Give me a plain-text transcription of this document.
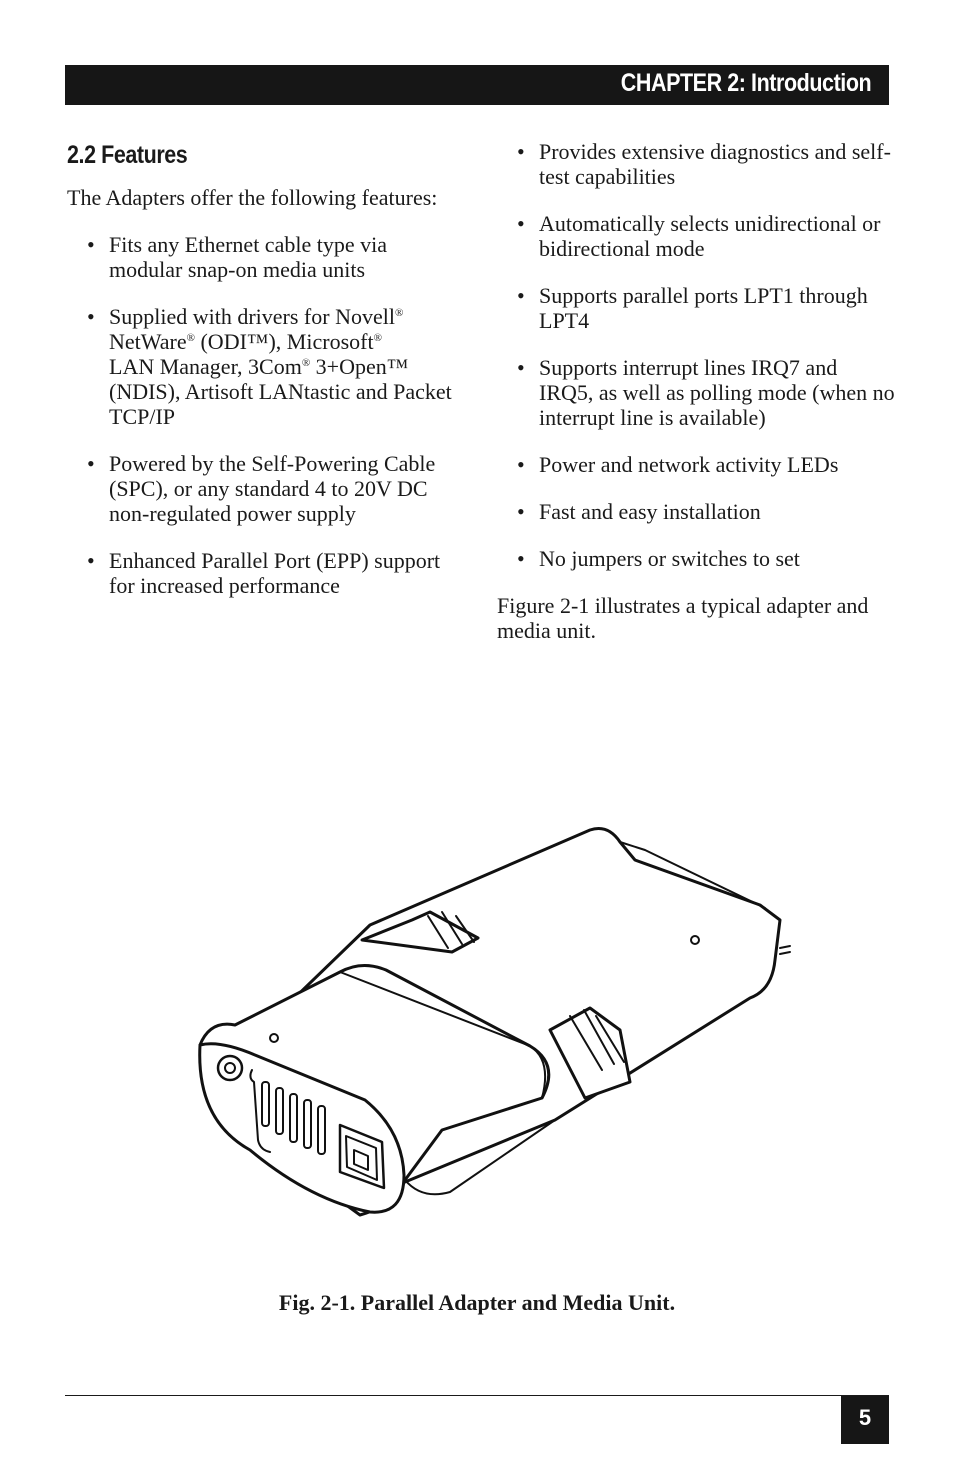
CHAPTER 2: Introduction
2.2 Features

The Adapters offer the following features:

• Fits any Ethernet cable type via modular snap-on media units
• Supplied with drivers for Novell®
NetWare® (ODI™), Microsoft®
LAN Manager, 3Com® 3+Open™ (NDIS), Artisoft LANtastic and Packet TCP/IP
• Powered by the Self-Powering Cable (SPC), or any standard 4 to 20V DC non-regulated power supply
• Enhanced Parallel Port (EPP) support for increased performance
• Provides extensive diagnostics and self-test capabilities
• Automatically selects unidirectional or bidirectional mode
• Supports parallel ports LPT1 through LPT4
• Supports interrupt lines IRQ7 and IRQ5, as well as polling mode (when no interrupt line is available)
• Power and network activity LEDs
• Fast and easy installation
• No jumpers or switches to set

Figure 2-1 illustrates a typical adapter and media unit.

Fig. 2-1. Parallel Adapter and Media Unit.
5
